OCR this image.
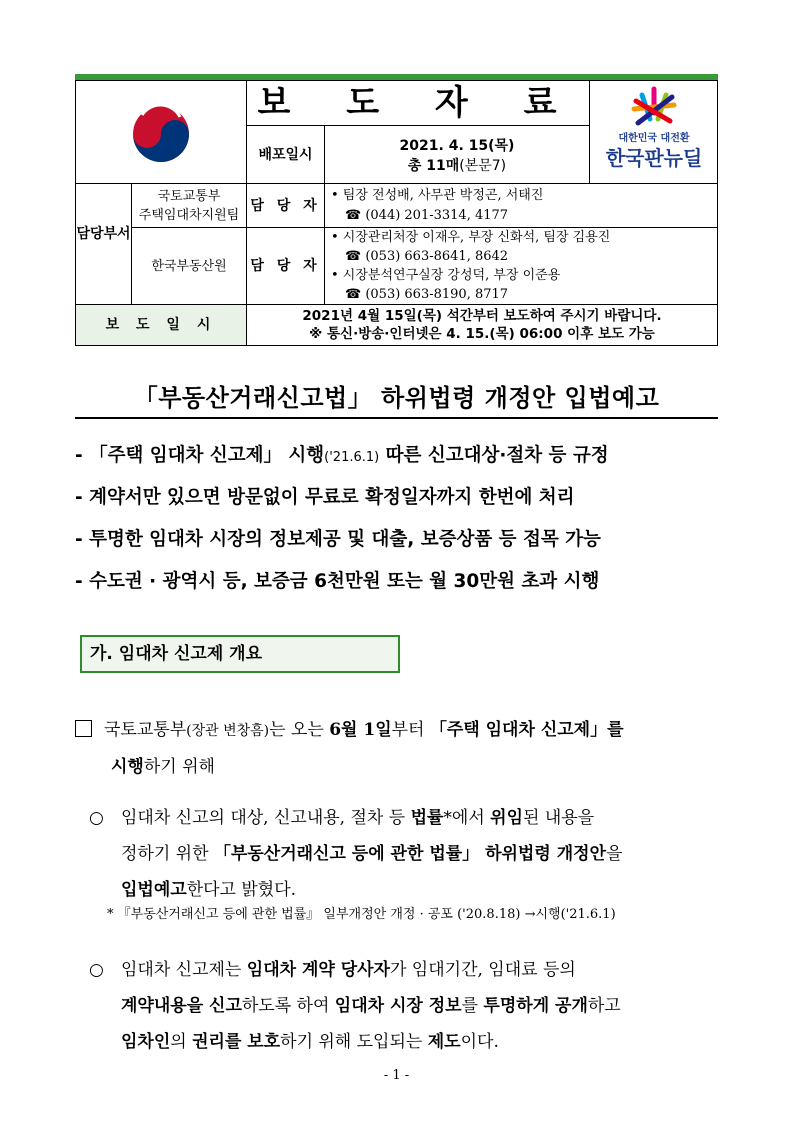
보 도 자 료
배포일시
2021. 4. 15(목)
총 11매(본문7)
대한민국 대전환
한국판뉴딜
담당부서
국토교통부
주택임대차지원팀
담 당 자
• 팀장 전성배, 사무관 박정곤, 서태진
☎ (044) 201-3314, 4177
한국부동산원	담 당 자
• 시장관리처장 이재우, 부장 신화석, 팀장 김용진
☎ (053) 663-8641, 8642
• 시장분석연구실장 강성덕, 부장 이준용
☎ (053) 663-8190, 8717
보 도 일 시
2021년 4월 15일(목) 석간부터 보도하여 주시기 바랍니다.
※ 통신·방송·인터넷은 4. 15.(목) 06:00 이후 보도 가능
「부동산거래신고법」 하위법령 개정안 입법예고
- 「주택 임대차 신고제」 시행('21.6.1) 따른 신고대상·절차 등 규정
- 계약서만 있으면 방문없이 무료로 확정일자까지 한번에 처리
- 투명한 임대차 시장의 정보제공 및 대출, 보증상품 등 접목 가능
- 수도권 · 광역시 등, 보증금 6천만원 또는 월 30만원 초과 시행
가. 임대차 신고제 개요
국토교통부(장관 변창흠)는 오는 6월 1일부터 「주택 임대차 신고제」를
시행하기 위해
○ 임대차 신고의 대상, 신고내용, 절차 등 법률*에서 위임된 내용을
정하기 위한 「부동산거래신고 등에 관한 법률」 하위법령 개정안을
입법예고한다고 밝혔다.
* 『부동산거래신고 등에 관한 법률』 일부개정안 개정 · 공포 ('20.8.18) →시행('21.6.1)
○ 임대차 신고제는 임대차 계약 당사자가 임대기간, 임대료 등의
계약내용을 신고하도록 하여 임대차 시장 정보를 투명하게 공개하고
임차인의 권리를 보호하기 위해 도입되는 제도이다.
- 1 -
